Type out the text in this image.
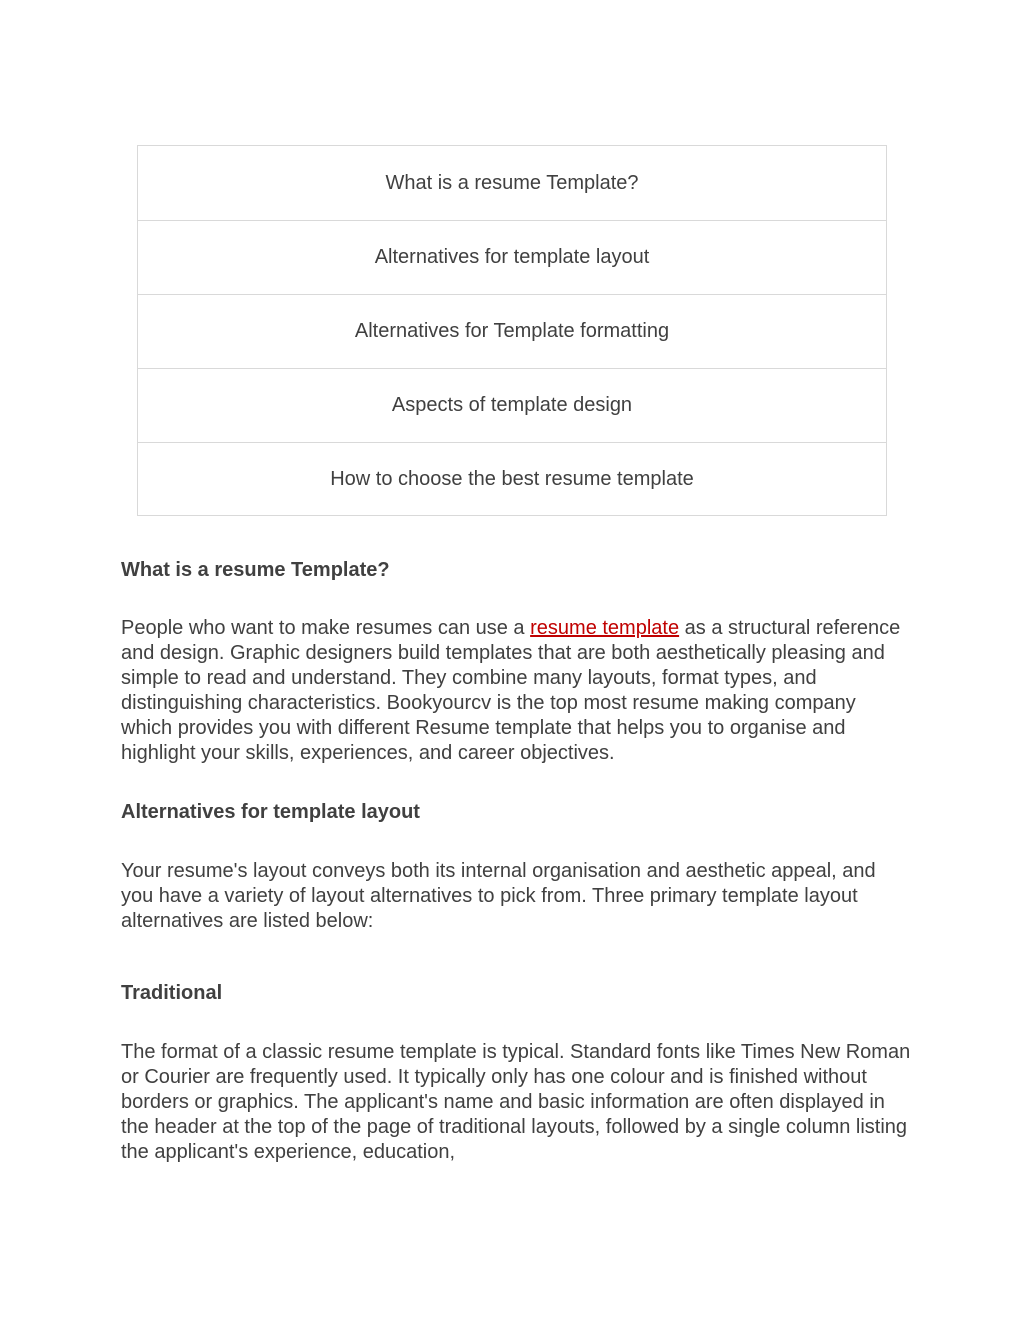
What is a resume Template?
Alternatives for template layout
Alternatives for Template formatting
Aspects of template design
How to choose the best resume template
What is a resume Template?

People who want to make resumes can use a resume template as a structural reference and design. Graphic designers build templates that are both aesthetically pleasing and simple to read and understand. They combine many layouts, format types, and distinguishing characteristics. Bookyourcv is the top most resume making company which provides you with different Resume template that helps you to organise and highlight your skills, experiences, and career objectives.

Alternatives for template layout

Your resume's layout conveys both its internal organisation and aesthetic appeal, and you have a variety of layout alternatives to pick from. Three primary template layout alternatives are listed below:

Traditional

The format of a classic resume template is typical. Standard fonts like Times New Roman or Courier are frequently used. It typically only has one colour and is finished without borders or graphics. The applicant's name and basic information are often displayed in the header at the top of the page of traditional layouts, followed by a single column listing the applicant's experience, education,
